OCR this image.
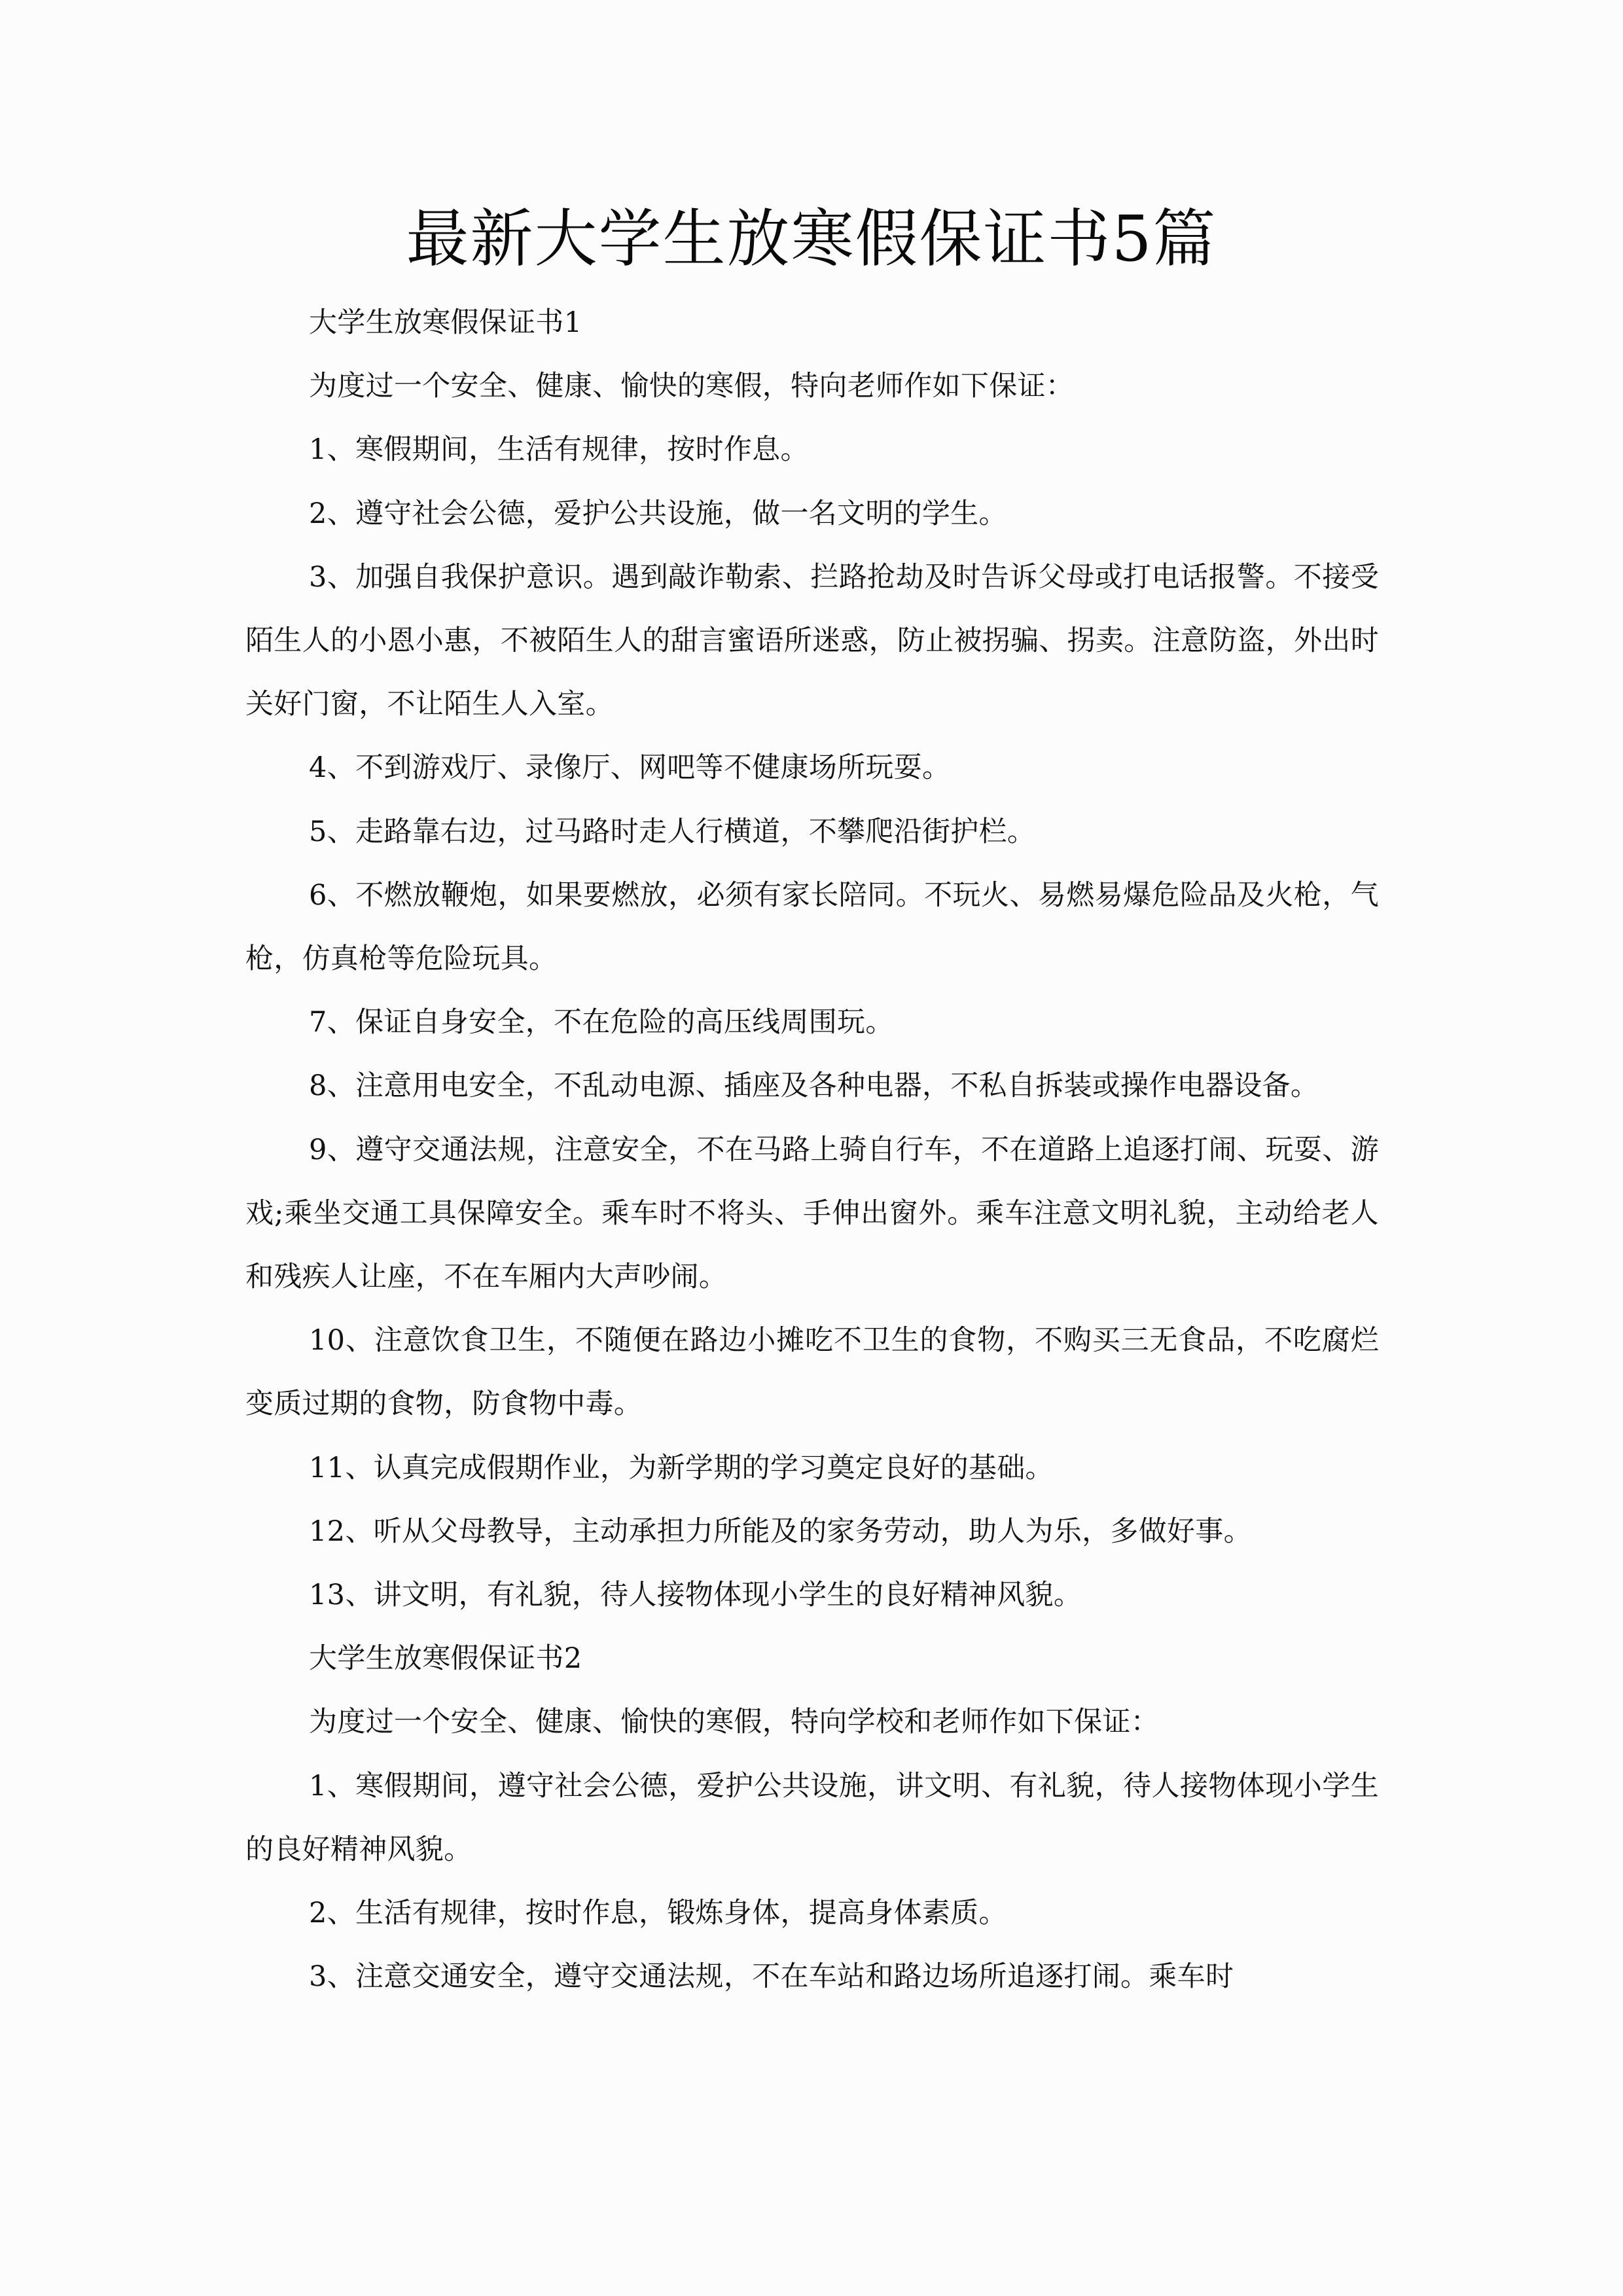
最新大学生放寒假保证书5篇

大学生放寒假保证书1

为度过一个安全、健康、愉快的寒假，特向老师作如下保证：

1、寒假期间，生活有规律，按时作息。

2、遵守社会公德，爱护公共设施，做一名文明的学生。

3、加强自我保护意识。遇到敲诈勒索、拦路抢劫及时告诉父母或打电话报警。不接受陌生人的小恩小惠，不被陌生人的甜言蜜语所迷惑，防止被拐骗、拐卖。注意防盗，外出时关好门窗，不让陌生人入室。

4、不到游戏厅、录像厅、网吧等不健康场所玩耍。

5、走路靠右边，过马路时走人行横道，不攀爬沿街护栏。

6、不燃放鞭炮，如果要燃放，必须有家长陪同。不玩火、易燃易爆危险品及火枪，气枪，仿真枪等危险玩具。

7、保证自身安全，不在危险的高压线周围玩。

8、注意用电安全，不乱动电源、插座及各种电器，不私自拆装或操作电器设备。

9、遵守交通法规，注意安全，不在马路上骑自行车，不在道路上追逐打闹、玩耍、游戏;乘坐交通工具保障安全。乘车时不将头、手伸出窗外。乘车注意文明礼貌，主动给老人和残疾人让座，不在车厢内大声吵闹。

10、注意饮食卫生，不随便在路边小摊吃不卫生的食物，不购买三无食品，不吃腐烂变质过期的食物，防食物中毒。

11、认真完成假期作业，为新学期的学习奠定良好的基础。

12、听从父母教导，主动承担力所能及的家务劳动，助人为乐，多做好事。

13、讲文明，有礼貌，待人接物体现小学生的良好精神风貌。

大学生放寒假保证书2

为度过一个安全、健康、愉快的寒假，特向学校和老师作如下保证：

1、寒假期间，遵守社会公德，爱护公共设施，讲文明、有礼貌，待人接物体现小学生的良好精神风貌。

2、生活有规律，按时作息，锻炼身体，提高身体素质。

3、注意交通安全，遵守交通法规，不在车站和路边场所追逐打闹。乘车时
